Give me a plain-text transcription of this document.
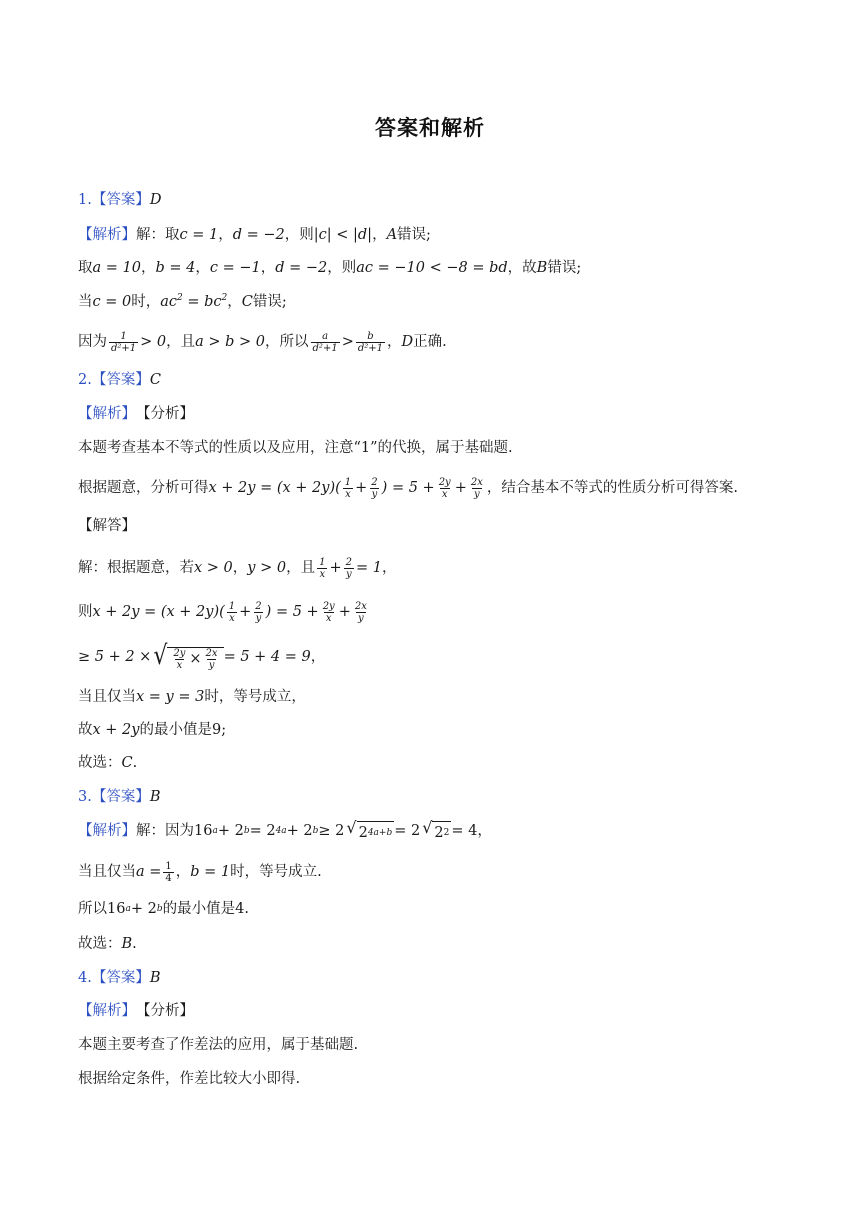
答案和解析
1.【答案】 D
【解析】 解：取 c = 1 ， d = −2 ，则 |c| < |d| ， A 错误;
取 a = 10 ， b = 4 ， c = −1 ， d = −2 ，则 ac = −10 < −8 = bd ，故 B 错误;
当 c = 0 时， $ac^2 = bc^2$ ， C 错误;
因为 $\frac{1}{\text{d²+1}} > 0$ ，且 a > b > 0 ，所以 $\frac{a}{\text{d²+1}} > \frac{b}{\text{d²+1}}$ ， D 正确.
2.【答案】 C
【解析】 【分析】
本题考查基本不等式的性质以及应用，注意“1”的代换，属于基础题.
根据题意，分析可得 $x + 2y = (x + 2y)( \frac{1}{x} + \frac{2}{y}$ ) = $5 + \frac{2y}{x} + \frac{2x}{y}$ ，结合基本不等式的性质分析可得答案.
【解答】
解：根据题意，若 x > 0 ， y > 0 ，且 $\frac{1}{x} + \frac{2}{y} = 1$ ，
则 $x + 2y = (x + 2y)( \frac{1}{x} + \frac{2}{y}$ ) = $5 + \frac{2y}{x} + \frac{2x}{y}$
≥ 5 + 2 × √ $\frac{2y}{x} \times \frac{2x}{y} = 5 + 4 = 9$ ，
当且仅当 x = y = 3 时，等号成立，
故 x + 2y 的最小值是 9 ;
故选： C .
3.【答案】 B
【解析】 解：因为 16 a + 2 b = 2 4a + 2 b ≥ 2 √ 2 4a+b = 2 √ 2 2 = 4 ，
当且仅当 $a = \frac{1}{4}$ ， b = 1 时，等号成立.
所以 16 a + 2 b 的最小值是 4 .
故选： B .
4.【答案】 B
【解析】 【分析】
本题主要考查了作差法的应用，属于基础题.
根据给定条件，作差比较大小即得.
